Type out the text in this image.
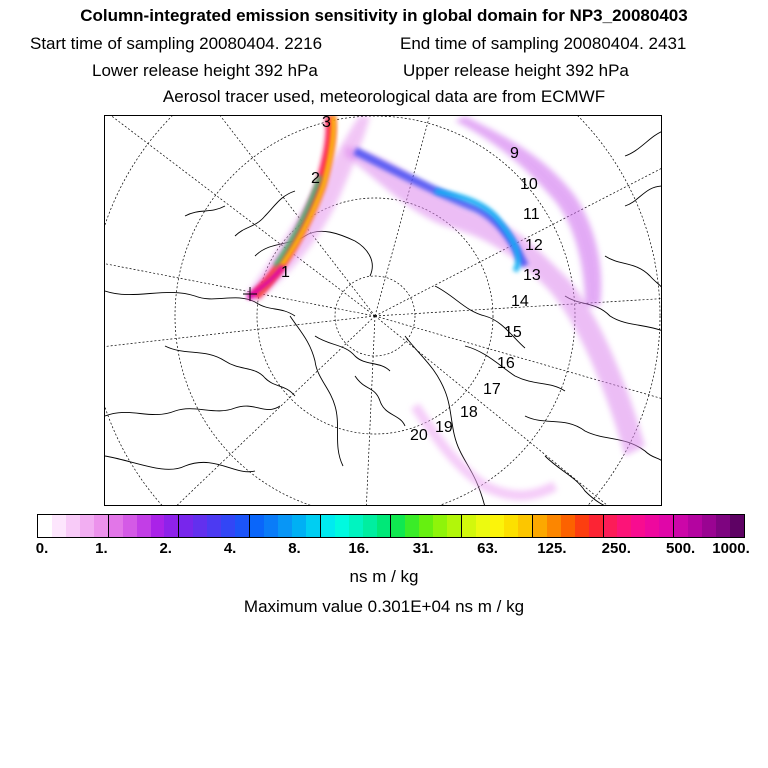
Column-integrated emission sensitivity in global domain for NP3_20080403
Start time of sampling 20080404. 2216	End time of sampling 20080404. 2431
Lower release height 392 hPa	Upper release height 392 hPa
Aerosol tracer used, meteorological data are from ECMWF
1
2
3
9
10
11
12
13
14
15
16
17
18
19
20
0.	1.	2.	4.	8.	16.	31.	63.	125. 250. 500. 1000.
ns m / kg
Maximum value 0.301E+04 ns m / kg
